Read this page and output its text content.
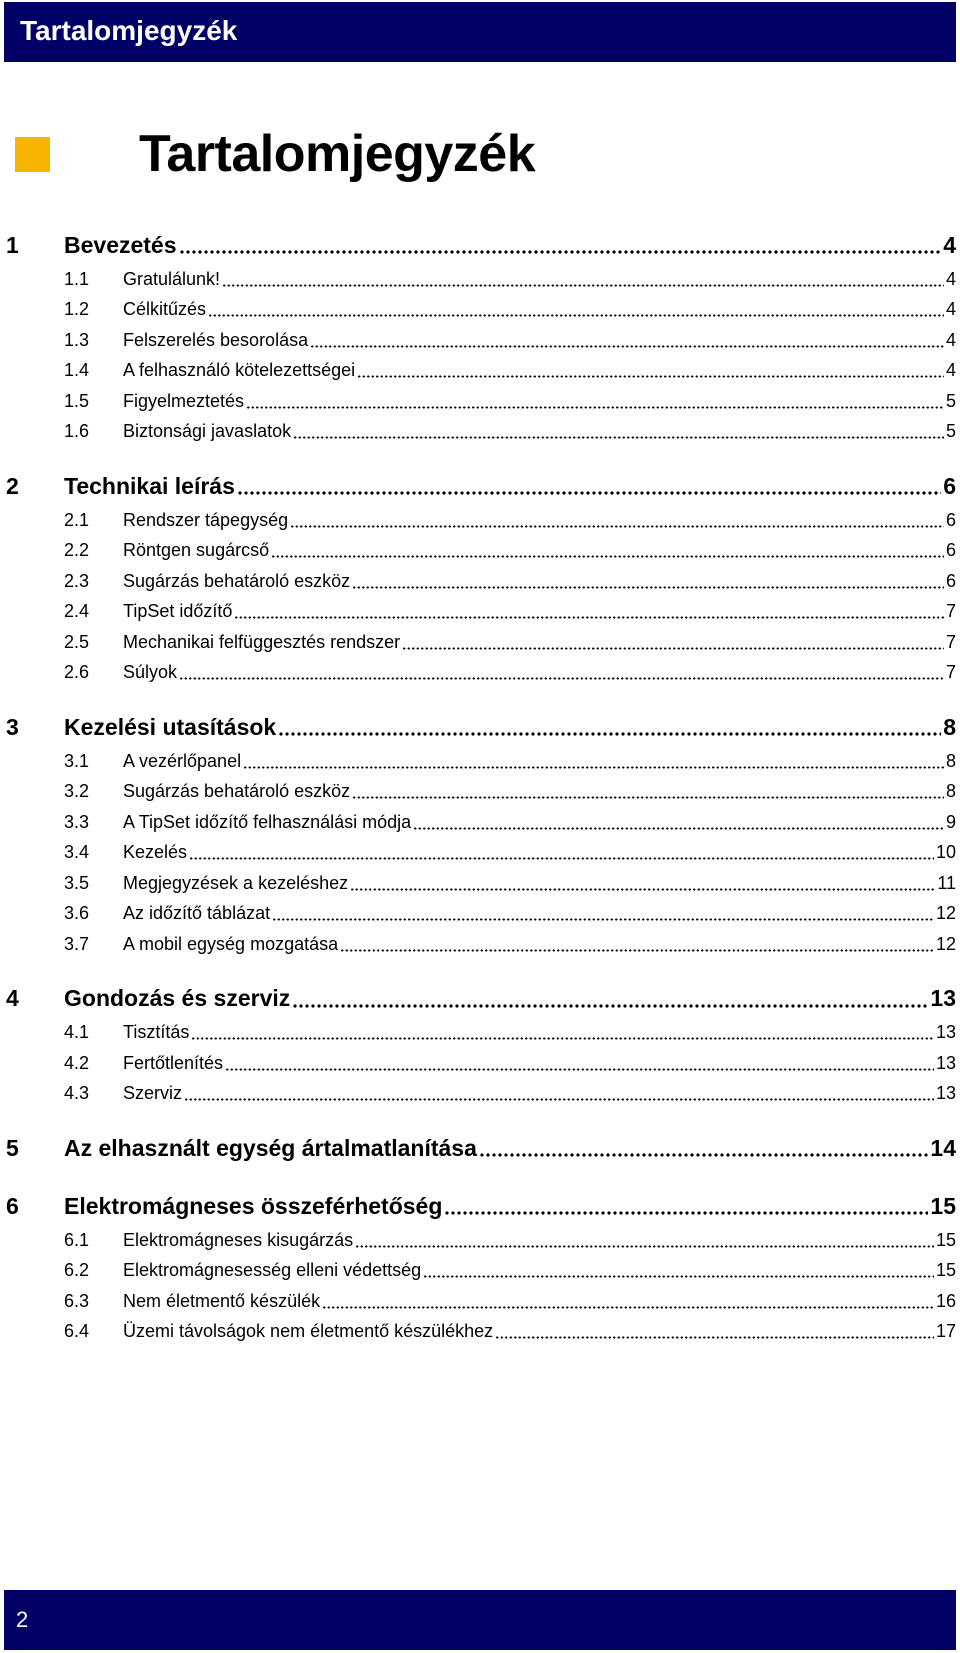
Tartalomjegyzék
Tartalomjegyzék
1	Bevezetés	4
1.1	Gratulálunk!	4
1.2	Célkitűzés	4
1.3	Felszerelés besorolása	4
1.4	A felhasználó kötelezettségei	4
1.5	Figyelmeztetés	5
1.6	Biztonsági javaslatok	5
2	Technikai leírás	6
2.1	Rendszer tápegység	6
2.2	Röntgen sugárcső	6
2.3	Sugárzás behatároló eszköz	6
2.4	TipSet időzítő	7
2.5	Mechanikai felfüggesztés rendszer	7
2.6	Súlyok	7
3	Kezelési utasítások	8
3.1	A vezérlőpanel	8
3.2	Sugárzás behatároló eszköz	8
3.3	A TipSet időzítő felhasználási módja	9
3.4	Kezelés	10
3.5	Megjegyzések a kezeléshez	11
3.6	Az időzítő táblázat	12
3.7	A mobil egység mozgatása	12
4	Gondozás és szerviz	13
4.1	Tisztítás	13
4.2	Fertőtlenítés	13
4.3	Szerviz	13
5	Az elhasznált egység ártalmatlanítása	14
6	Elektromágneses összeférhetőség	15
6.1	Elektromágneses kisugárzás	15
6.2	Elektromágnesesség elleni védettség	15
6.3	Nem életmentő készülék	16
6.4	Üzemi távolságok nem életmentő készülékhez	17
2
